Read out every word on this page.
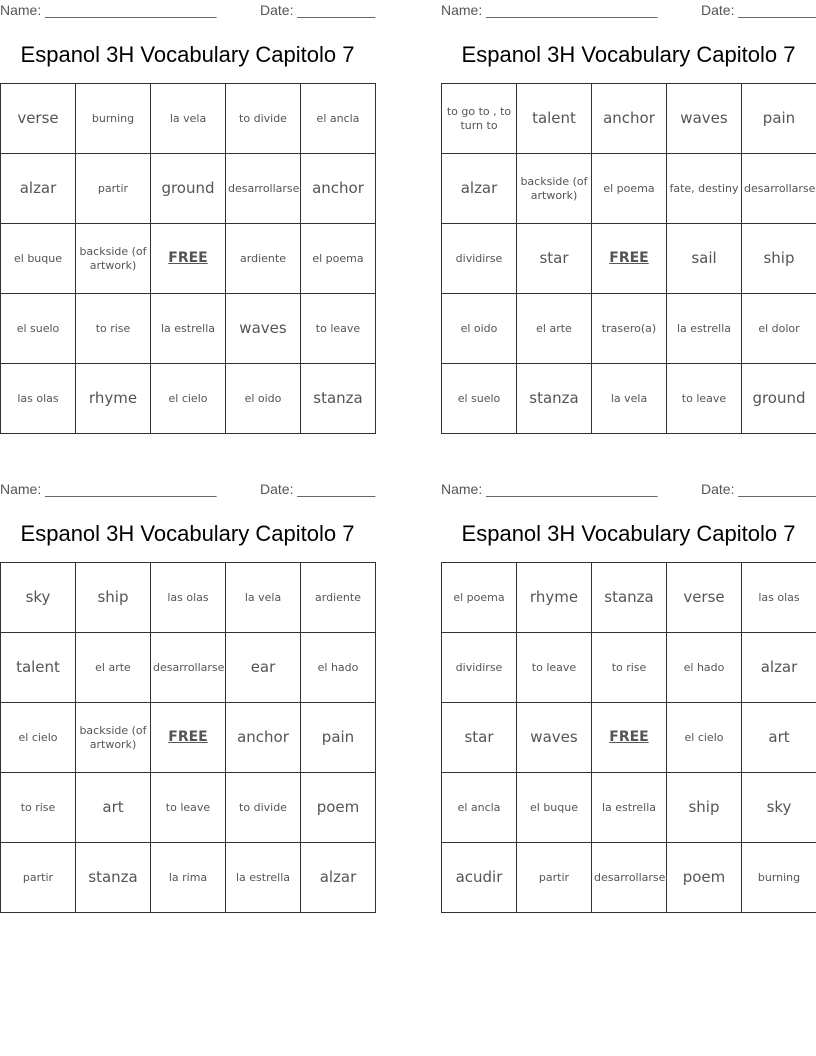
Name: ______________________	Date: __________
Espanol 3H Vocabulary Capitolo 7
verse	burning	la vela	to divide	el ancla
alzar	partir	ground	desarrollarse	anchor
el buque	backside (of artwork)	FREE	ardiente	el poema
el suelo	to rise	la estrella	waves	to leave
las olas	rhyme	el cielo	el oido	stanza
Name: ______________________	Date: __________
Espanol 3H Vocabulary Capitolo 7
to go to , to turn to	talent	anchor	waves	pain
alzar	backside (of artwork)	el poema	fate, destiny	desarrollarse
dividirse	star	FREE	sail	ship
el oido	el arte	trasero(a)	la estrella	el dolor
el suelo	stanza	la vela	to leave	ground
Name: ______________________	Date: __________
Espanol 3H Vocabulary Capitolo 7
sky	ship	las olas	la vela	ardiente
talent	el arte	desarrollarse	ear	el hado
el cielo	backside (of artwork)	FREE	anchor	pain
to rise	art	to leave	to divide	poem
partir	stanza	la rima	la estrella	alzar
Name: ______________________	Date: __________
Espanol 3H Vocabulary Capitolo 7
el poema	rhyme	stanza	verse	las olas
dividirse	to leave	to rise	el hado	alzar
star	waves	FREE	el cielo	art
el ancla	el buque	la estrella	ship	sky
acudir	partir	desarrollarse	poem	burning
